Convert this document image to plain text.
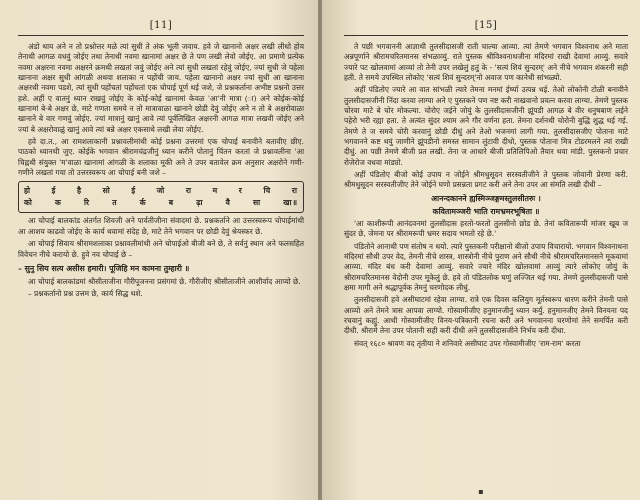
[11]

अंडो थाय अने न तो प्रश्नोत्तर मळे त्यां सुधी ते अंक भूली जवाय. हवे जे खानानो अक्षर लखी लीधो होय तेनाथी आगळ वधवुं जोईए तथा तेनाथी नवमा खानामां अक्षर छे ते पण लखी लेवो जोईए. आ प्रमाणे प्रत्येक नवमा अक्षरना नवमा अक्षरने क्रमथी लखतां जवुं जोईए अने त्यां सुधी लखतां रहेवुं जोईए, ज्यां सुधी जे पहेला खानाना अक्षर सुधी आंगळी अथवा शलाका न पहोंची जाय. पहेला खानानो अक्षर ज्यां सुधी आ खानाना अक्षरथी नवमा पडशे, त्यां सुधी पहोंचतां पहोंचतां एक चोपाई पूर्ण थई जशे, जे प्रश्नकर्ताना अभीष्ट प्रश्ननो उत्तर हशे. अहीं ए वातनुं ध्यान राखवुं जोईए के कोई-कोई खानामां केवळ 'आ'नी मात्रा (ा) अने कोईक-कोई खानामां बे-बे अक्षर छे, माटे गणता समये न तो मात्रावाळा खानाने छोडी देवुं जोईए अने न तो बे अक्षरोवाळा खानाने बे वार गणवुं जोईए. ज्यां मात्रानुं खानुं आवे त्यां पूर्वलिखित अक्षरनी आगळ मात्रा लखवी जोईए अने ज्यां बे अक्षरोवाळुं खानुं आवे त्यां बन्ने अक्षर एकसाथे लखी लेवा जोईए.

हवे दा.त., आ रामशलाकानी प्रश्नावलीमांथी कोई प्रश्नना उत्तरमां एक चोपाई बनावीने बतावीए छीए. पाठको ध्यानथी जुए. कोईके भगवान श्रीरामचंद्रजीनुं ध्यान करीने पोतानुं चिंतन करतां जे प्रश्नावलीना 'आ चिह्नथी संयुक्त 'म'वाळा खानामां आंगळी के शलाका मूकी अने ते उपर बतावेल क्रम अनुसार अक्षरोने गणी-गणीने लखतां गया तो उत्तरस्वरूप आ चोपाई बनी जशे –

हो	ई	है	सो	ई	जो	रा	म	र	चि	रा
को	क	रि	त	र्क	ब	ढ़ा	वै	सा	खा॥

आ चोपाई बालकांड अंतर्गत शिवजी अने पार्वतीजीना संवादमां छे. प्रश्नकर्ताने आ उत्तरस्वरूप चोपाईमांथी आ आशय काढवो जोईए के कार्य थवामां संदेह छे, माटे तेने भगवान पर छोडी देवुं श्रेयस्कर छे.

आ चोपाई सिवाय श्रीरामशलाका प्रश्नावलीमांथी अने चोपाईओ बीजी बने छे, ते सर्वनुं स्थान अने फलसहित विवेचन नीचे करायो छे. हुवे नव चोपाई छे –

– सुनु सिय सत्य असीस हमारी। पूजिहि मन कामना तुम्हारी ॥

आ चोपाई बालकांडमां श्रीसीताजीना गौरीपूजनना प्रसंगमां छे. गौरीजीए श्रीसीताजीने आशीर्वाद आप्यो छे.

– प्रश्नकर्तानो प्रश्न उत्तम छे, कार्य सिद्ध थशे.

[15]

ते पछी भगवाननी आज्ञाथी तुलसीदासजी राती चाल्या आव्या. त्यां तेमणे भगवान विश्वनाथ अने माता अन्नपूर्णाने श्रीरामचरितमानस संभळाव्युं. राते पुस्तक श्रीविश्वनाथजीना मंदिरमां राखी देवामां आव्युं. सवारे ज्यारे पट खोलवामां आव्यां तो तेनी उपर लखेलुं हतुं के - 'सत्यं शिवं सुन्दरम्' अने नीचे भगवान शंकरनी सही हती. ते समये उपस्थित लोकोए 'सत्यं शिवं सुन्दरम्'नो अवाज पण कानेथी सांभळ्यो.

अहीं पंडितोए ज्यारे आ वात सांभळी त्यारे तेमना मनमां ईर्ष्या उत्पन्न थई. तेओ लोकोनी टोळी बनावीने तुलसीदासजीनी निंदा करवा लाग्या अने ए पुस्तकने पण नष्ट करी नाखवानो प्रयत्न करवा लाग्या. तेमणे पुस्तक चोरवा माटे बे चोर मोकल्या. चोरोए जईने जोयुं के तुलसीदासजीनी झूंपडी आगळ बे वीर धनुषबाण लईने पहेरो भरी रह्या हता. ते अत्यंत सुंदर श्याम अने गौर वर्णना हता. तेमना दर्शनथी चोरोनी बुद्धि शुद्ध थई गई. तेमणे ते ज समये चोरी करवानुं छोडी दीधुं अने तेओ भजनमां लागी गया. तुलसीदासजीए पोताना माटे भगवानने कष्ट थयुं जाणीने झूंपडीनो समस्त सामान लुंटावी दीधो, पुस्तक पोताना मित्र टोडरमलने त्यां राखी दीधुं. आ पछी तेमणे बीजी प्रत लखी. तेना ज आधारे बीजी प्रतिलिपिओ तैयार थवा मांडी. पुस्तकनो प्रचार रोजेरोज वधवा मांड्यो.

अहीं पंडितोए बीजो कोई उपाय न जोईने श्रीमधुसूदन सरस्वतीजीने ते पुस्तक जोवानी प्रेरणा करी. श्रीमधुसूदन सरस्वतीजीए तेने जोईने घणो प्रसन्नता प्रगट करी अने तेना उपर आ संमति लखी दीधी –

आनन्दकानने ह्यस्मिञ्जङ्गमस्तुलसीतरुः ।
कवितामञ्जरी भाति रामभ्रमरभूषिता ॥

'आ काशीरूपी आनंदवनमां तुलसीदास हरतो-फरतो तुलसीनो छोड छे. तेनां कवितारूपी मांजर खूब ज सुंदर छे, जेमना पर श्रीरामरूपी भ्रमर सदाय भमतो रहे छे.'

पंडितोने आनाथी पण संतोष न थयो. त्यारे पुस्तकनी परीक्षानो बीजो उपाय विचारायो. भगवान विश्वनाथना मंदिरमां सौथी उपर वेद, तेमनी नीचे शास्त्र, शास्त्रोनी नीचे पुराण अने सौथी नीचे श्रीरामचरितमानसने मूकवामां आव्या. मंदिर बंध करी देवामां आव्युं. सवारे ज्यारे मंदिर खोलवामां आव्युं त्यारे लोकोए जोयुं के श्रीरामचरितमानस वेदोनी उपर मूकेलुं छे. हवे तो पंडितलोक घणुं लज्जित थई गया. तेमणे तुलसीदासजी पासे क्षमा मागी अने श्रद्धापूर्वक तेमनुं चरणोदक लीधुं.

तुलसीदासजी हवे असीघाटमां रहेवा लाग्या. रात्रे एक दिवस कलियुग मूर्तस्वरूप धारण करीने तेमनी पासे आव्यो अने तेमने त्रास आपवा लाग्यो. गोस्वामीजीए हनुमानजीनुं ध्यान कर्युं. हनुमानजीए तेमने विनयना पद रचवानुं कह्युं. आथी गोस्वामीजीए विनय-पत्रिकानी रचना करी अने भगवानना चरणोमां तेने समर्पित करी दीधी. श्रीरामे तेना उपर पोतानी सही करी दीधी अने तुलसीदासजीने निर्भय करी दीधा.

संवत् १६८० श्रावण वद तृतीया ने शनिवारे असीघाट उपर गोस्वामीजीए 'राम-राम' करता

▪
